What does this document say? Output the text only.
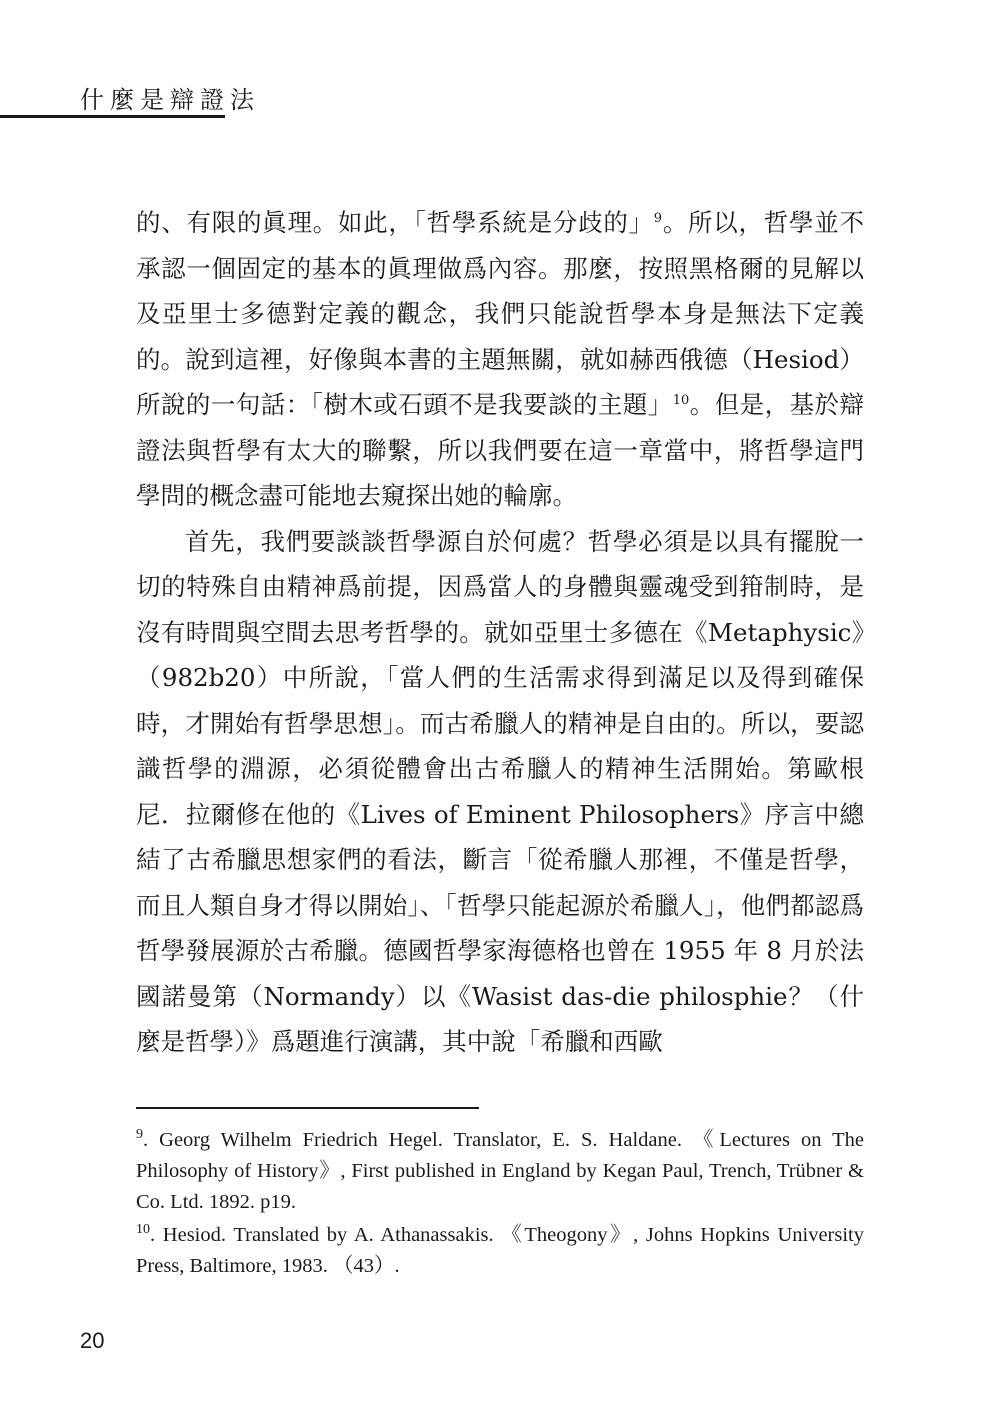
什麼是辯證法

的、有限的眞理。如此，「哲學系統是分歧的」$^9$。所以，哲學並不承認一個固定的基本的眞理做爲內容。那麼，按照黑格爾的見解以及亞里士多德對定義的觀念，我們只能說哲學本身是無法下定義的。說到這裡，好像與本書的主題無關，就如赫西俄德（Hesiod）所說的一句話：「樹木或石頭不是我要談的主題」$^{10}$。但是，基於辯證法與哲學有太大的聯繫，所以我們要在這一章當中，將哲學這門學問的概念盡可能地去窺探出她的輪廓。

首先，我們要談談哲學源自於何處？哲學必須是以具有擺脫一切的特殊自由精神爲前提，因爲當人的身體與靈魂受到箝制時，是沒有時間與空間去思考哲學的。就如亞里士多德在《Metaphysic》（982b20）中所說，「當人們的生活需求得到滿足以及得到確保時，才開始有哲學思想」。而古希臘人的精神是自由的。所以，要認識哲學的淵源，必須從體會出古希臘人的精神生活開始。第歐根尼．拉爾修在他的《Lives of Eminent Philosophers》序言中總結了古希臘思想家們的看法，斷言「從希臘人那裡，不僅是哲學，而且人類自身才得以開始」、「哲學只能起源於希臘人」，他們都認爲哲學發展源於古希臘。德國哲學家海德格也曾在 1955 年 8 月於法國諾曼第（Normandy）以《Wasist das-die philosphie？（什麼是哲學）》爲題進行演講，其中說「希臘和西歐

$^9$. Georg Wilhelm Friedrich Hegel. Translator, E. S. Haldane. 《Lectures on The Philosophy of History》, First published in England by Kegan Paul, Trench, Trübner & Co. Ltd. 1892. p19.
$^{10}$. Hesiod. Translated by A. Athanassakis. 《Theogony》, Johns Hopkins University Press, Baltimore, 1983. （43）.
20
